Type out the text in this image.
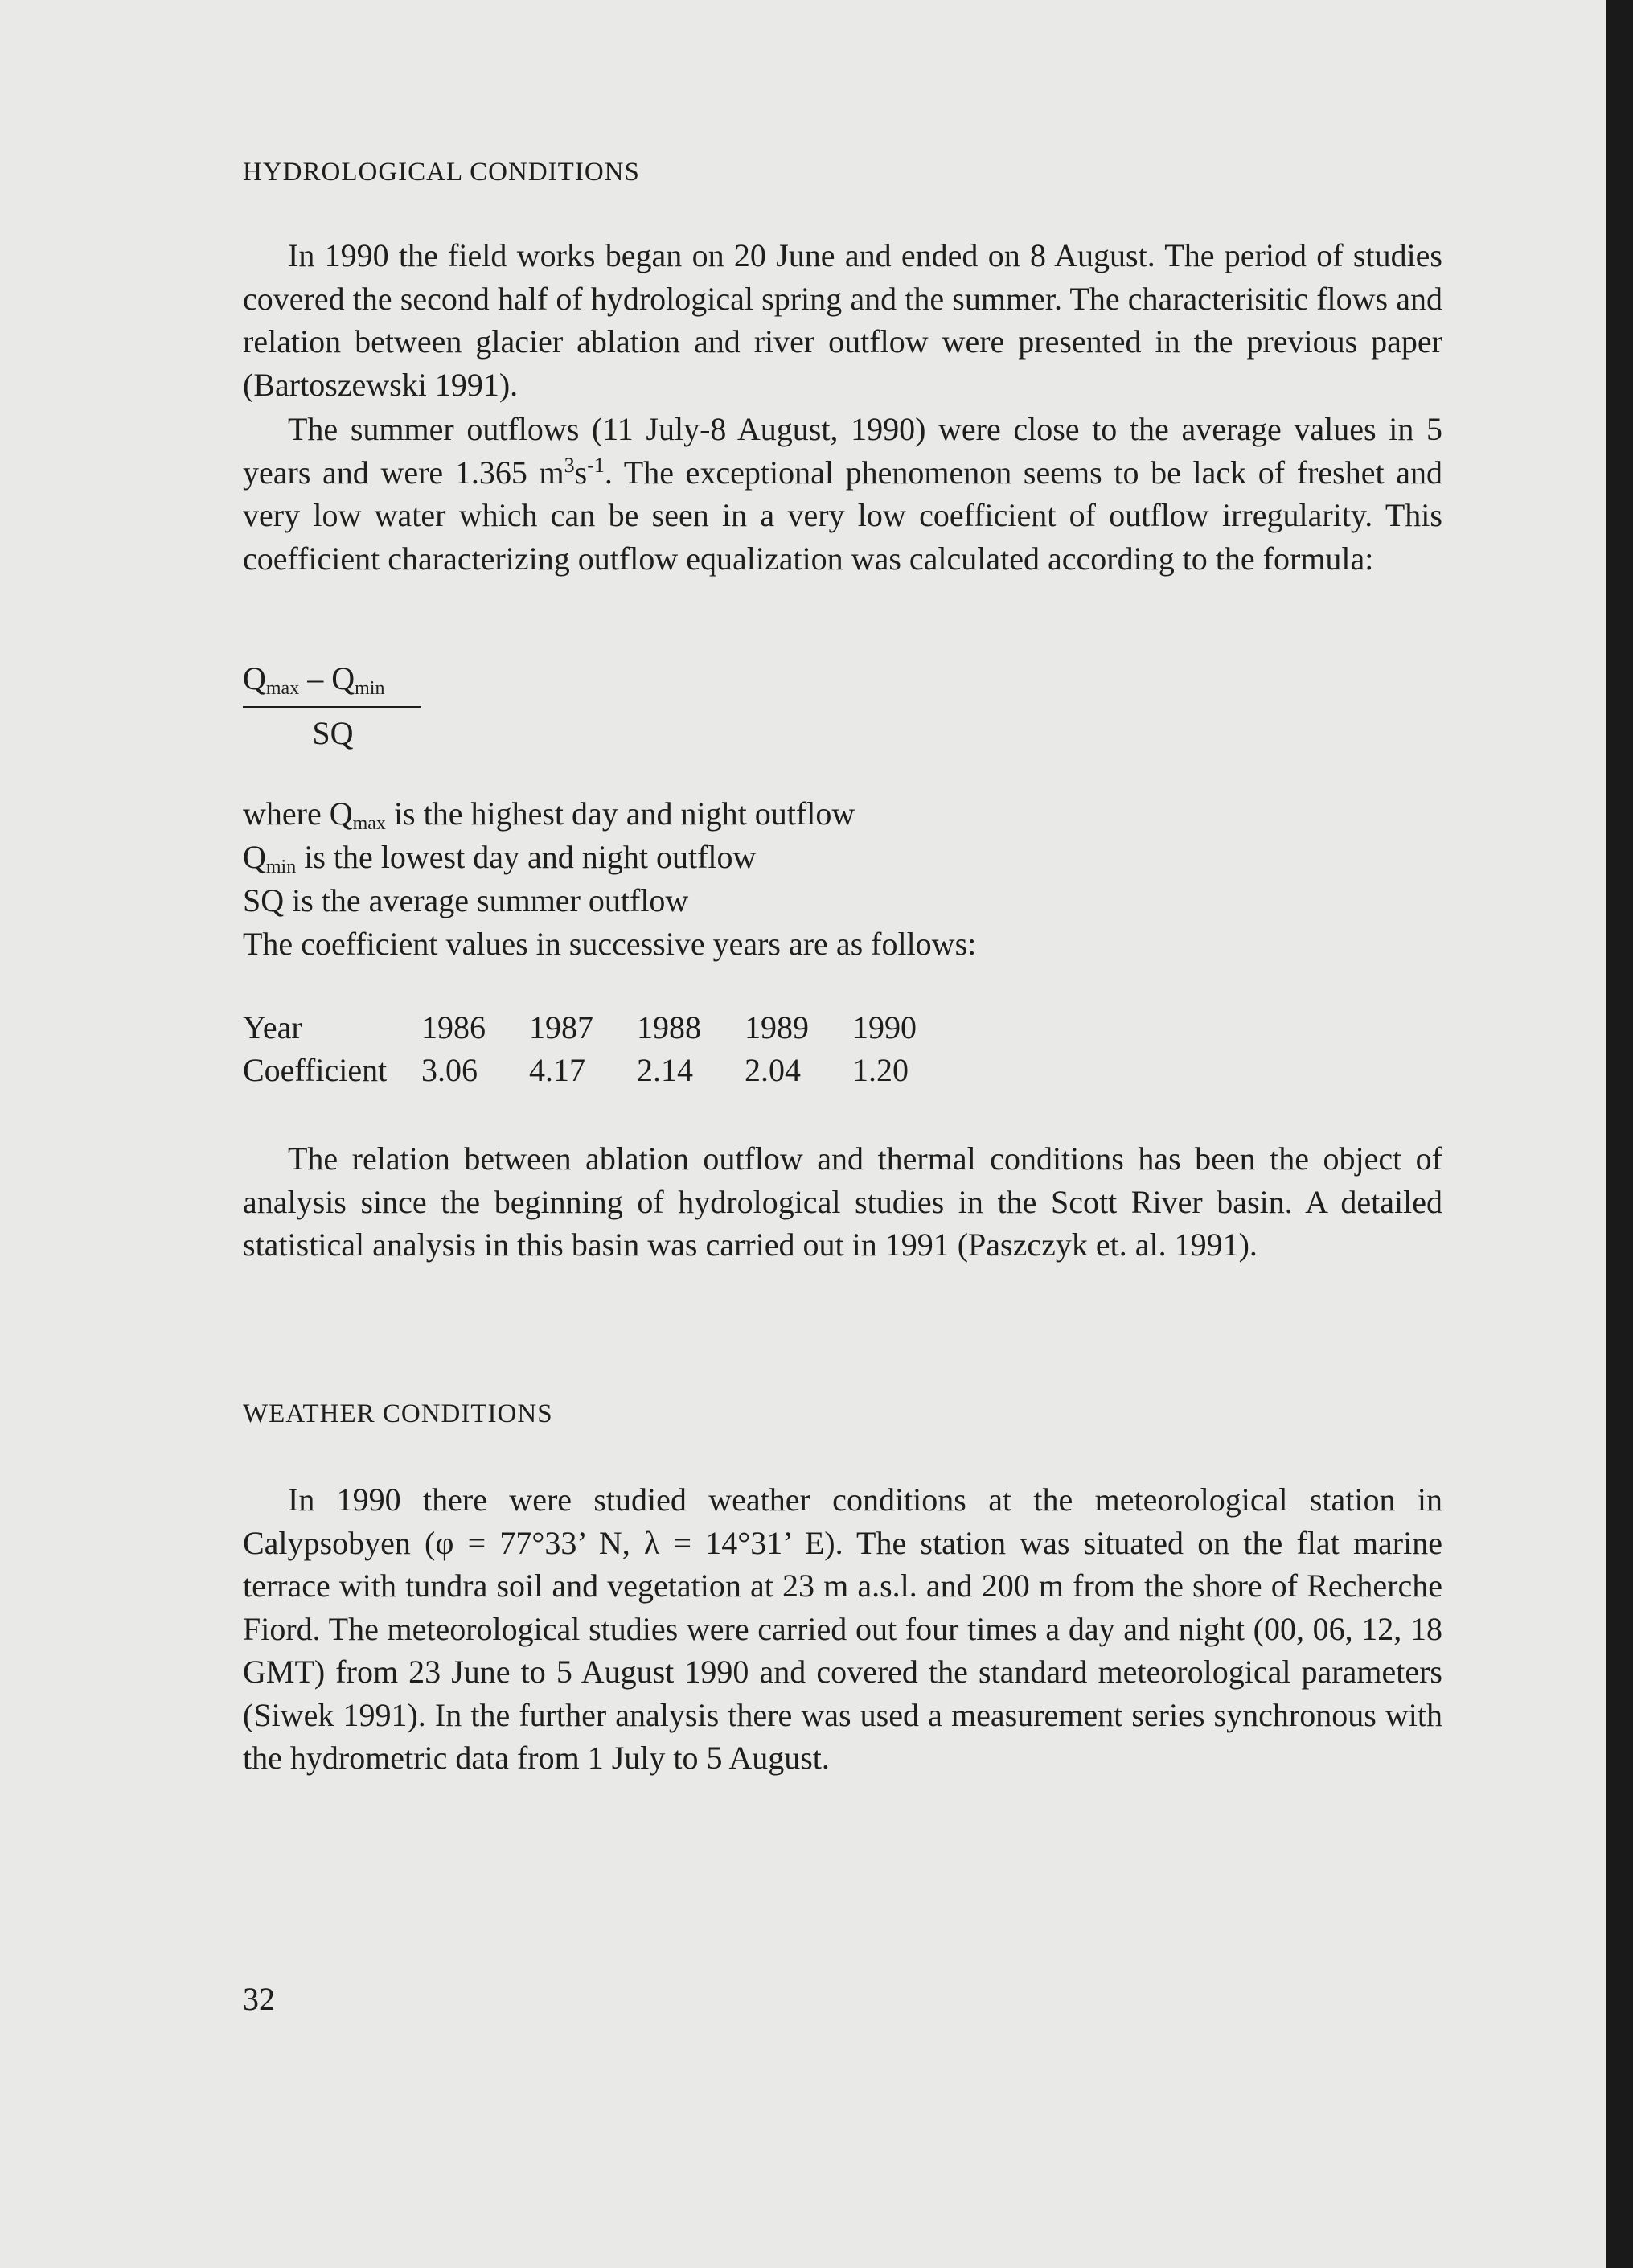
HYDROLOGICAL CONDITIONS

In 1990 the field works began on 20 June and ended on 8 August. The period of studies covered the second half of hydrological spring and the summer. The characterisitic flows and relation between glacier ablation and river outflow were presented in the previous paper (Bartoszewski 1991).

The summer outflows (11 July-8 August, 1990) were close to the average values in 5 years and were 1.365 $m^3s^{-1}$. The exceptional phenomenon seems to be lack of freshet and very low water which can be seen in a very low coefficient of outflow irregularity. This coefficient characterizing outflow equalization was calculated according to the formula:

$Q_{max} - Q_{min}$
SQ
where $Q_{max}$ is the highest day and night outflow
$Q_{min}$ is the lowest day and night outflow
SQ is the average summer outflow
The coefficient values in successive years are as follows:
Year	1986	1987	1988	1989	1990
Coefficient	3.06	4.17	2.14	2.04	1.20

The relation between ablation outflow and thermal conditions has been the object of analysis since the beginning of hydrological studies in the Scott River basin. A detailed statistical analysis in this basin was carried out in 1991 (Paszczyk et. al. 1991).

WEATHER CONDITIONS

In 1990 there were studied weather conditions at the meteorological station in Calypsobyen (φ = 77°33’ N, λ = 14°31’ E). The station was situated on the flat marine terrace with tundra soil and vegetation at 23 m a.s.l. and 200 m from the shore of Recherche Fiord. The meteorological studies were carried out four times a day and night (00, 06, 12, 18 GMT) from 23 June to 5 August 1990 and covered the standard meteorological parameters (Siwek 1991). In the further analysis there was used a measurement series synchronous with the hydrometric data from 1 July to 5 August.

32
